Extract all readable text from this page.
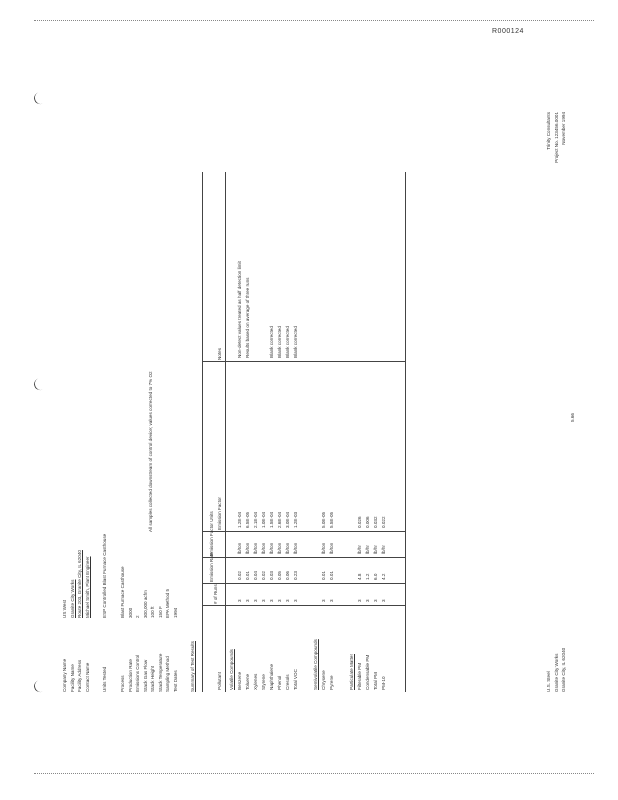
R000124
Company NameUS West
Facility NameGranite City Works
Facility AddressRoute 203, Granite City, IL 62040
Contact NameMichael Smith, Plant Engineer
Units TestedESP Controlled Blast Furnace Casthouse
ProcessBlast Furnace Casthouse
Production Rate3000
Emissions Control2
Stack Gas Flow300,000 acfm
Stack Height100 ft
Stack Temperature150 F
Sampling MethodEPA Method 5
Test Dates1994
All samples collected downstream of control device; values corrected to 7% O2
Summary of Test Results	Pollutant
# of Runs
Emission Rate
Emission Factor Units Emission Factor
Notes
Volatile Compounds Benzene
3
0.02
lb/ton
1.2E-04
Non-detect values treated as half detection limit
Toluene
3
0.01
lb/ton
6.5E-05
Results based on average of three runs
Xylenes
3
0.04
lb/ton
2.1E-04
Styrene
3
0.02
lb/ton
1.0E-04
Naphthalene
3
0.03
lb/ton
1.5E-04
Blank corrected
Phenol
3
0.05
lb/ton
2.6E-04
Blank corrected
Cresols
3
0.06
lb/ton
3.0E-04
Blank corrected
Total VOC
3
0.23
lb/ton
1.2E-03
Blank corrected
Semivolatile Compounds Chrysene
3
0.01
lb/ton
5.0E-05
Pyrene
3
0.01
lb/ton
5.5E-05
Particulate Matter Filterable PM
3
4.8
lb/hr
0.026
Condensable PM
3
1.2
lb/hr
0.006
Total PM
3
6.0
lb/hr
0.032
PM-10
3
4.2
lb/hr
0.022
5.66
U.S. Steel Granite City Works Granite City, IL 62040
Trinity Consultants Project No. 123456.0001 November 1994
